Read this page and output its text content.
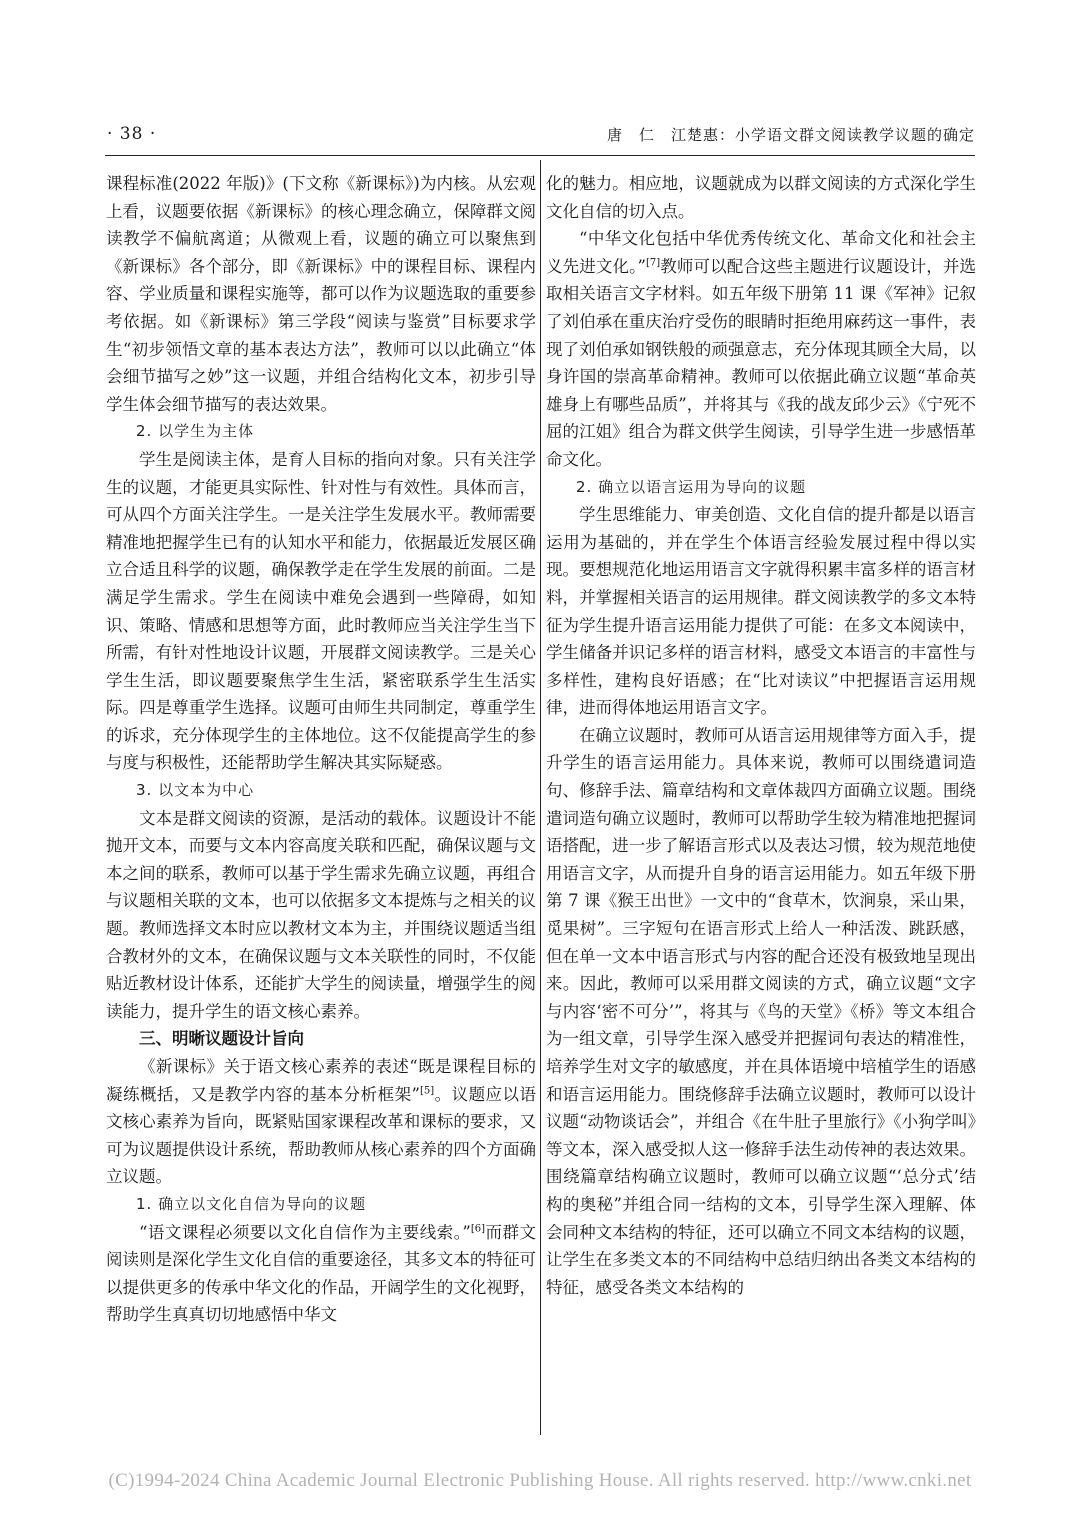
· 38 ·	唐　仁　江楚惠：小学语文群文阅读教学议题的确定

课程标准(2022 年版)》(下文称《新课标》)为内核。从宏观上看，议题要依据《新课标》的核心理念确立，保障群文阅读教学不偏航离道；从微观上看，议题的确立可以聚焦到《新课标》各个部分，即《新课标》中的课程目标、课程内容、学业质量和课程实施等，都可以作为议题选取的重要参考依据。如《新课标》第三学段“阅读与鉴赏”目标要求学生“初步领悟文章的基本表达方法”，教师可以以此确立“体会细节描写之妙”这一议题，并组合结构化文本，初步引导学生体会细节描写的表达效果。

2. 以学生为主体

学生是阅读主体，是育人目标的指向对象。只有关注学生的议题，才能更具实际性、针对性与有效性。具体而言，可从四个方面关注学生。一是关注学生发展水平。教师需要精准地把握学生已有的认知水平和能力，依据最近发展区确立合适且科学的议题，确保教学走在学生发展的前面。二是满足学生需求。学生在阅读中难免会遇到一些障碍，如知识、策略、情感和思想等方面，此时教师应当关注学生当下所需，有针对性地设计议题，开展群文阅读教学。三是关心学生生活，即议题要聚焦学生生活，紧密联系学生生活实际。四是尊重学生选择。议题可由师生共同制定，尊重学生的诉求，充分体现学生的主体地位。这不仅能提高学生的参与度与积极性，还能帮助学生解决其实际疑惑。

3. 以文本为中心

文本是群文阅读的资源，是活动的载体。议题设计不能抛开文本，而要与文本内容高度关联和匹配，确保议题与文本之间的联系，教师可以基于学生需求先确立议题，再组合与议题相关联的文本，也可以依据多文本提炼与之相关的议题。教师选择文本时应以教材文本为主，并围绕议题适当组合教材外的文本，在确保议题与文本关联性的同时，不仅能贴近教材设计体系，还能扩大学生的阅读量，增强学生的阅读能力，提升学生的语文核心素养。

三、明晰议题设计旨向

《新课标》关于语文核心素养的表述“既是课程目标的凝练概括，又是教学内容的基本分析框架”[5]。议题应以语文核心素养为旨向，既紧贴国家课程改革和课标的要求，又可为议题提供设计系统，帮助教师从核心素养的四个方面确立议题。

1. 确立以文化自信为导向的议题

“语文课程必须要以文化自信作为主要线索。”[6]而群文阅读则是深化学生文化自信的重要途径，其多文本的特征可以提供更多的传承中华文化的作品，开阔学生的文化视野，帮助学生真真切切地感悟中华文

化的魅力。相应地，议题就成为以群文阅读的方式深化学生文化自信的切入点。

“中华文化包括中华优秀传统文化、革命文化和社会主义先进文化。”[7]教师可以配合这些主题进行议题设计，并选取相关语言文字材料。如五年级下册第 11 课《军神》记叙了刘伯承在重庆治疗受伤的眼睛时拒绝用麻药这一事件，表现了刘伯承如钢铁般的顽强意志，充分体现其顾全大局，以身许国的崇高革命精神。教师可以依据此确立议题“革命英雄身上有哪些品质”，并将其与《我的战友邱少云》《宁死不屈的江姐》组合为群文供学生阅读，引导学生进一步感悟革命文化。

2. 确立以语言运用为导向的议题

学生思维能力、审美创造、文化自信的提升都是以语言运用为基础的，并在学生个体语言经验发展过程中得以实现。要想规范化地运用语言文字就得积累丰富多样的语言材料，并掌握相关语言的运用规律。群文阅读教学的多文本特征为学生提升语言运用能力提供了可能：在多文本阅读中，学生储备并识记多样的语言材料，感受文本语言的丰富性与多样性，建构良好语感；在“比对读议”中把握语言运用规律，进而得体地运用语言文字。

在确立议题时，教师可从语言运用规律等方面入手，提升学生的语言运用能力。具体来说，教师可以围绕遣词造句、修辞手法、篇章结构和文章体裁四方面确立议题。围绕遣词造句确立议题时，教师可以帮助学生较为精准地把握词语搭配，进一步了解语言形式以及表达习惯，较为规范地使用语言文字，从而提升自身的语言运用能力。如五年级下册第 7 课《猴王出世》一文中的“食草木，饮涧泉，采山果，觅果树”。三字短句在语言形式上给人一种活泼、跳跃感，但在单一文本中语言形式与内容的配合还没有极致地呈现出来。因此，教师可以采用群文阅读的方式，确立议题“文字与内容‘密不可分’”，将其与《鸟的天堂》《桥》等文本组合为一组文章，引导学生深入感受并把握词句表达的精准性，培养学生对文字的敏感度，并在具体语境中培植学生的语感和语言运用能力。围绕修辞手法确立议题时，教师可以设计议题“动物谈话会”，并组合《在牛肚子里旅行》《小狗学叫》等文本，深入感受拟人这一修辞手法生动传神的表达效果。围绕篇章结构确立议题时，教师可以确立议题“‘总分式’结构的奥秘”并组合同一结构的文本，引导学生深入理解、体会同种文本结构的特征，还可以确立不同文本结构的议题，让学生在多类文本的不同结构中总结归纳出各类文本结构的特征，感受各类文本结构的

(C)1994-2024 China Academic Journal Electronic Publishing House. All rights reserved. http://www.cnki.net
